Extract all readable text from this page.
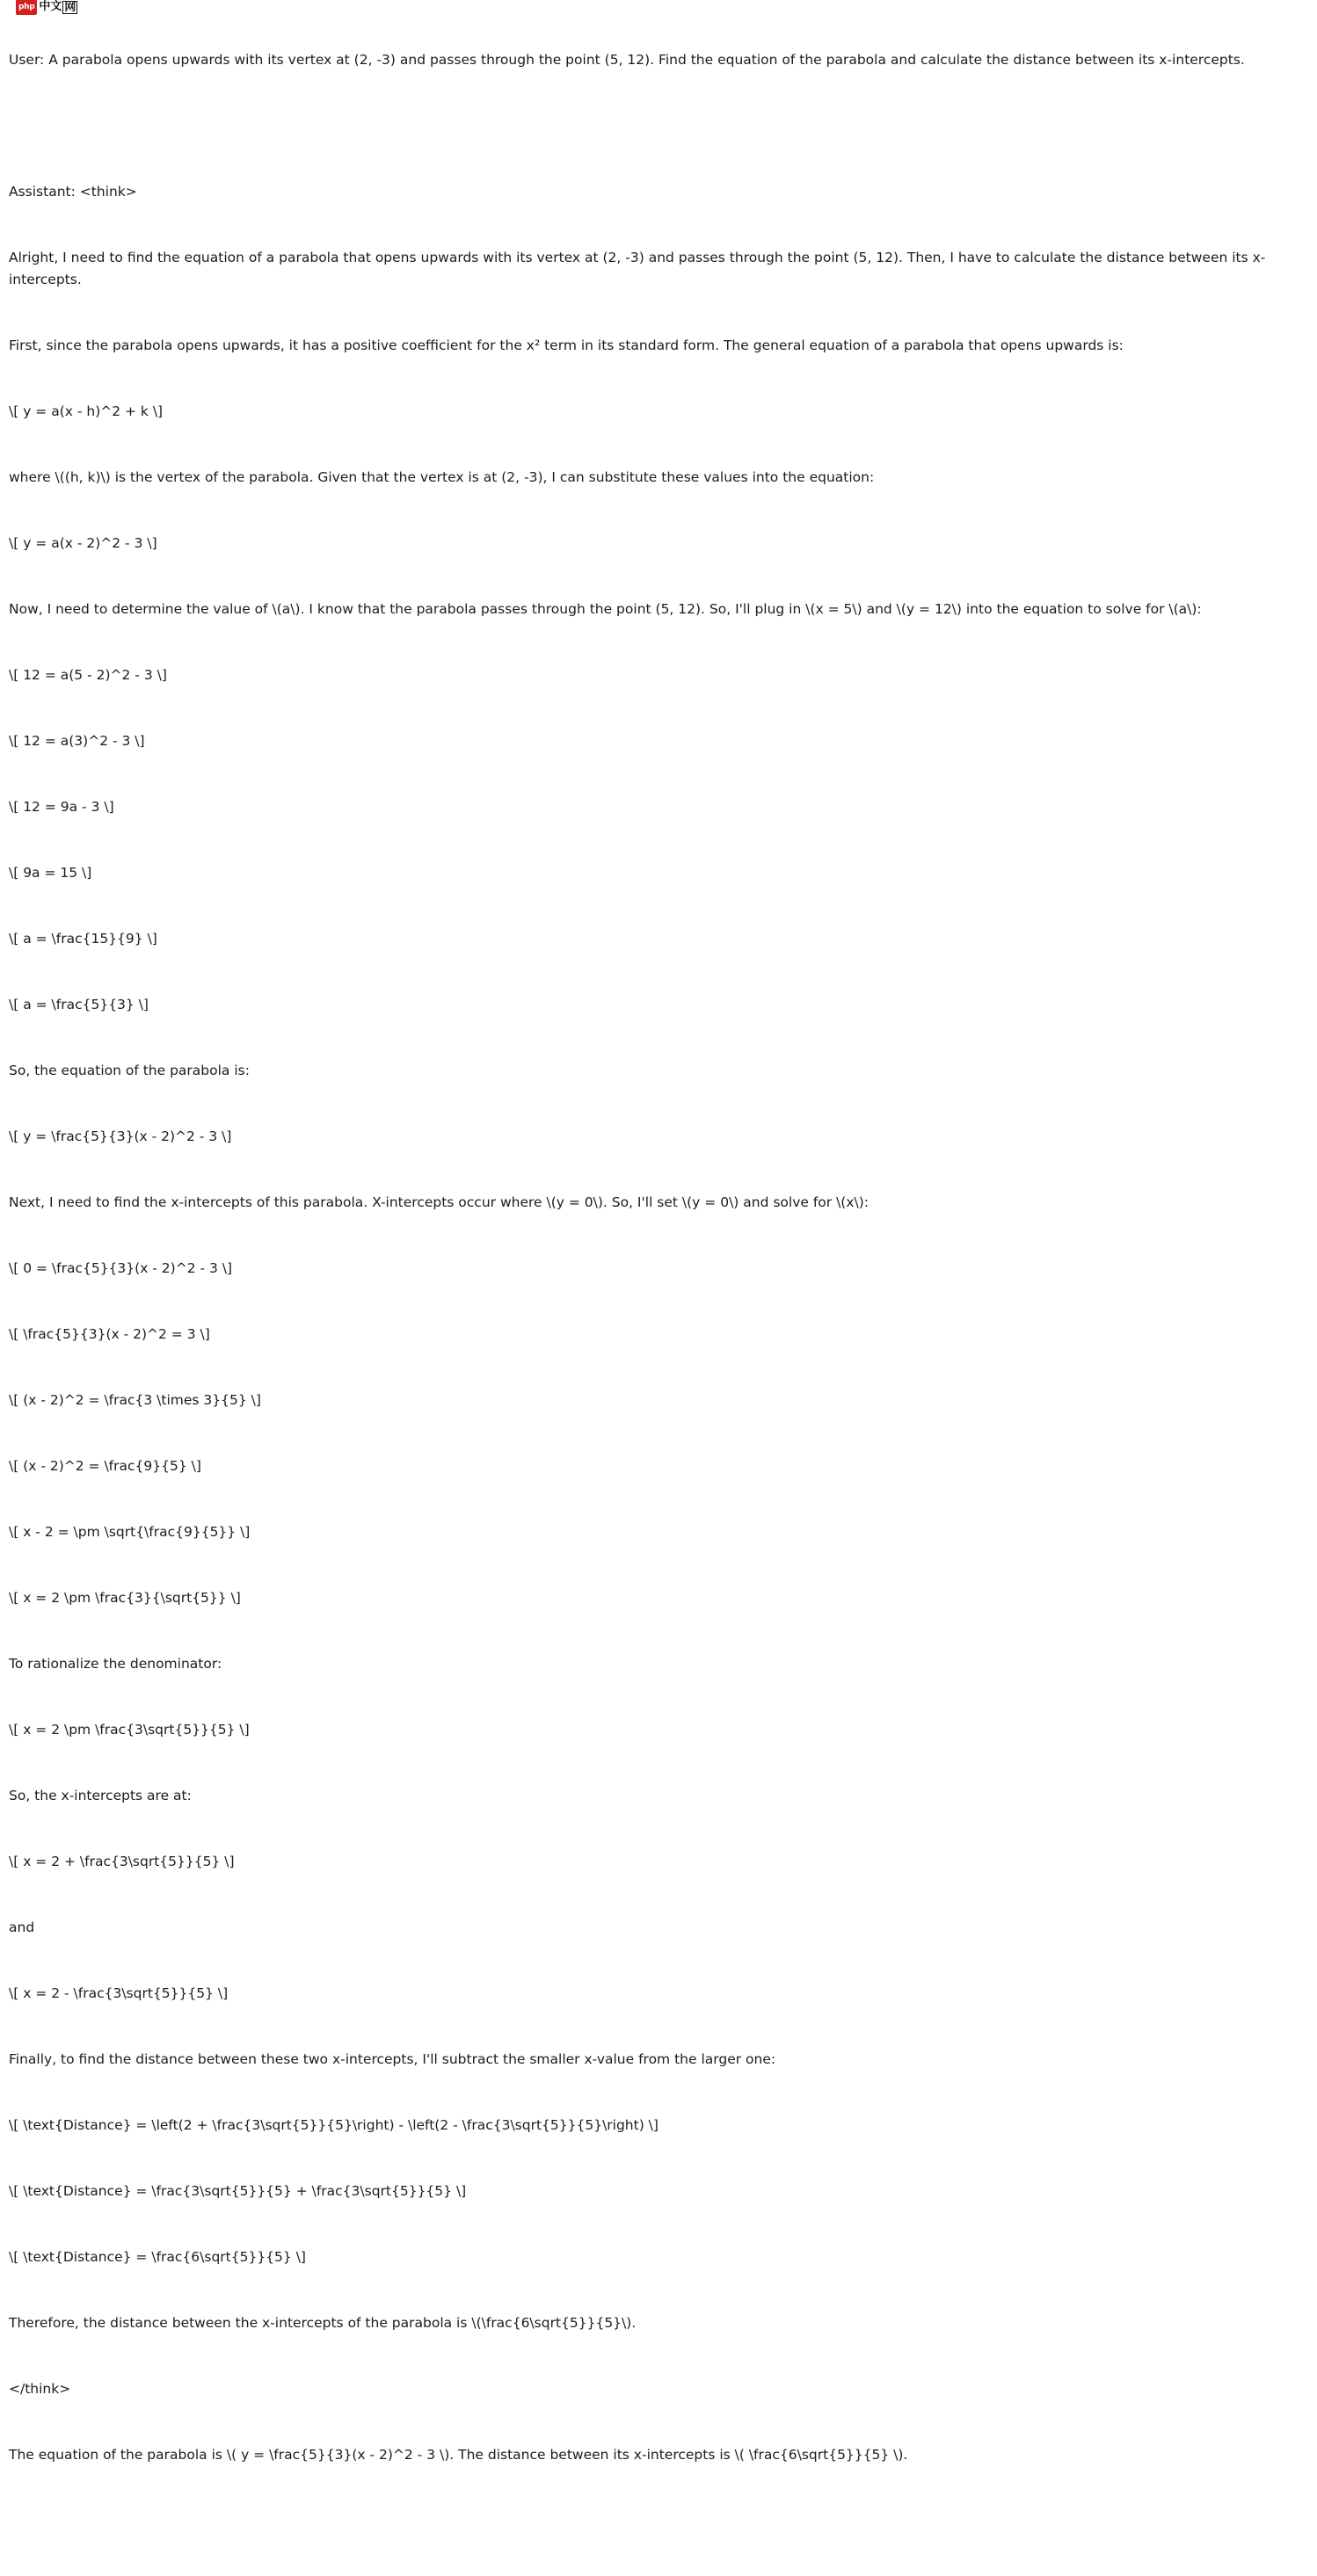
php 中文 网

User: A parabola opens upwards with its vertex at (2, -3) and passes through the point (5, 12). Find the equation of the parabola and calculate the distance between its x-intercepts.

Assistant: <think>

Alright, I need to find the equation of a parabola that opens upwards with its vertex at (2, -3) and passes through the point (5, 12). Then, I have to calculate the distance between its x-intercepts.

First, since the parabola opens upwards, it has a positive coefficient for the x² term in its standard form. The general equation of a parabola that opens upwards is:

\[ y = a(x - h)^2 + k \]

where \((h, k)\) is the vertex of the parabola. Given that the vertex is at (2, -3), I can substitute these values into the equation:

\[ y = a(x - 2)^2 - 3 \]

Now, I need to determine the value of \(a\). I know that the parabola passes through the point (5, 12). So, I'll plug in \(x = 5\) and \(y = 12\) into the equation to solve for \(a\):

\[ 12 = a(5 - 2)^2 - 3 \]

\[ 12 = a(3)^2 - 3 \]

\[ 12 = 9a - 3 \]

\[ 9a = 15 \]

\[ a = \frac{15}{9} \]

\[ a = \frac{5}{3} \]

So, the equation of the parabola is:

\[ y = \frac{5}{3}(x - 2)^2 - 3 \]

Next, I need to find the x-intercepts of this parabola. X-intercepts occur where \(y = 0\). So, I'll set \(y = 0\) and solve for \(x\):

\[ 0 = \frac{5}{3}(x - 2)^2 - 3 \]

\[ \frac{5}{3}(x - 2)^2 = 3 \]

\[ (x - 2)^2 = \frac{3 \times 3}{5} \]

\[ (x - 2)^2 = \frac{9}{5} \]

\[ x - 2 = \pm \sqrt{\frac{9}{5}} \]

\[ x = 2 \pm \frac{3}{\sqrt{5}} \]

To rationalize the denominator:

\[ x = 2 \pm \frac{3\sqrt{5}}{5} \]

So, the x-intercepts are at:

\[ x = 2 + \frac{3\sqrt{5}}{5} \]

and

\[ x = 2 - \frac{3\sqrt{5}}{5} \]

Finally, to find the distance between these two x-intercepts, I'll subtract the smaller x-value from the larger one:

\[ \text{Distance} = \left(2 + \frac{3\sqrt{5}}{5}\right) - \left(2 - \frac{3\sqrt{5}}{5}\right) \]

\[ \text{Distance} = \frac{3\sqrt{5}}{5} + \frac{3\sqrt{5}}{5} \]

\[ \text{Distance} = \frac{6\sqrt{5}}{5} \]

Therefore, the distance between the x-intercepts of the parabola is \(\frac{6\sqrt{5}}{5}\).

</think>

The equation of the parabola is \( y = \frac{5}{3}(x - 2)^2 - 3 \). The distance between its x-intercepts is \( \frac{6\sqrt{5}}{5} \).
